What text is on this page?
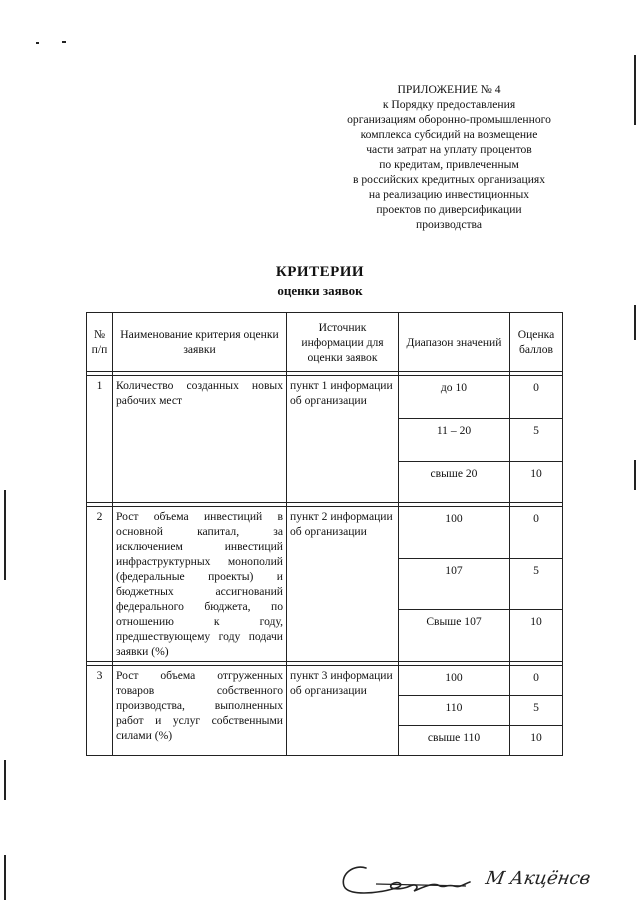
ПРИЛОЖЕНИЕ № 4
к Порядку предоставления
организациям оборонно-промышленного
комплекса субсидий на возмещение
части затрат на уплату процентов
по кредитам, привлеченным
в российских кредитных организациях
на реализацию инвестиционных
проектов по диверсификации
производства
КРИТЕРИИ
оценки заявок
№ п/п	Наименование критерия оценки заявки	Источник информации для оценки заявок	Диапазон значений	Оценка баллов

1	Количество созданных новых рабочих мест	пункт 1 информации об организации	до 10	0
			11 – 20	5
			свыше 20	10

2	Рост объема инвестиций в основной капитал, за исключением инвестиций инфраструктурных монополий (федеральные проекты) и бюджетных ассигнований федерального бюджета, по отношению к году, предшествующему году подачи заявки (%)	пункт 2 информации об организации	100	0
			107	5
			Свыше 107	10

3	Рост объема отгруженных товаров собственного производства, выполненных работ и услуг собственными силами (%)	пункт 3 информации об организации	100	0
			110	5
			свыше 110	10
М Акцёнсв
